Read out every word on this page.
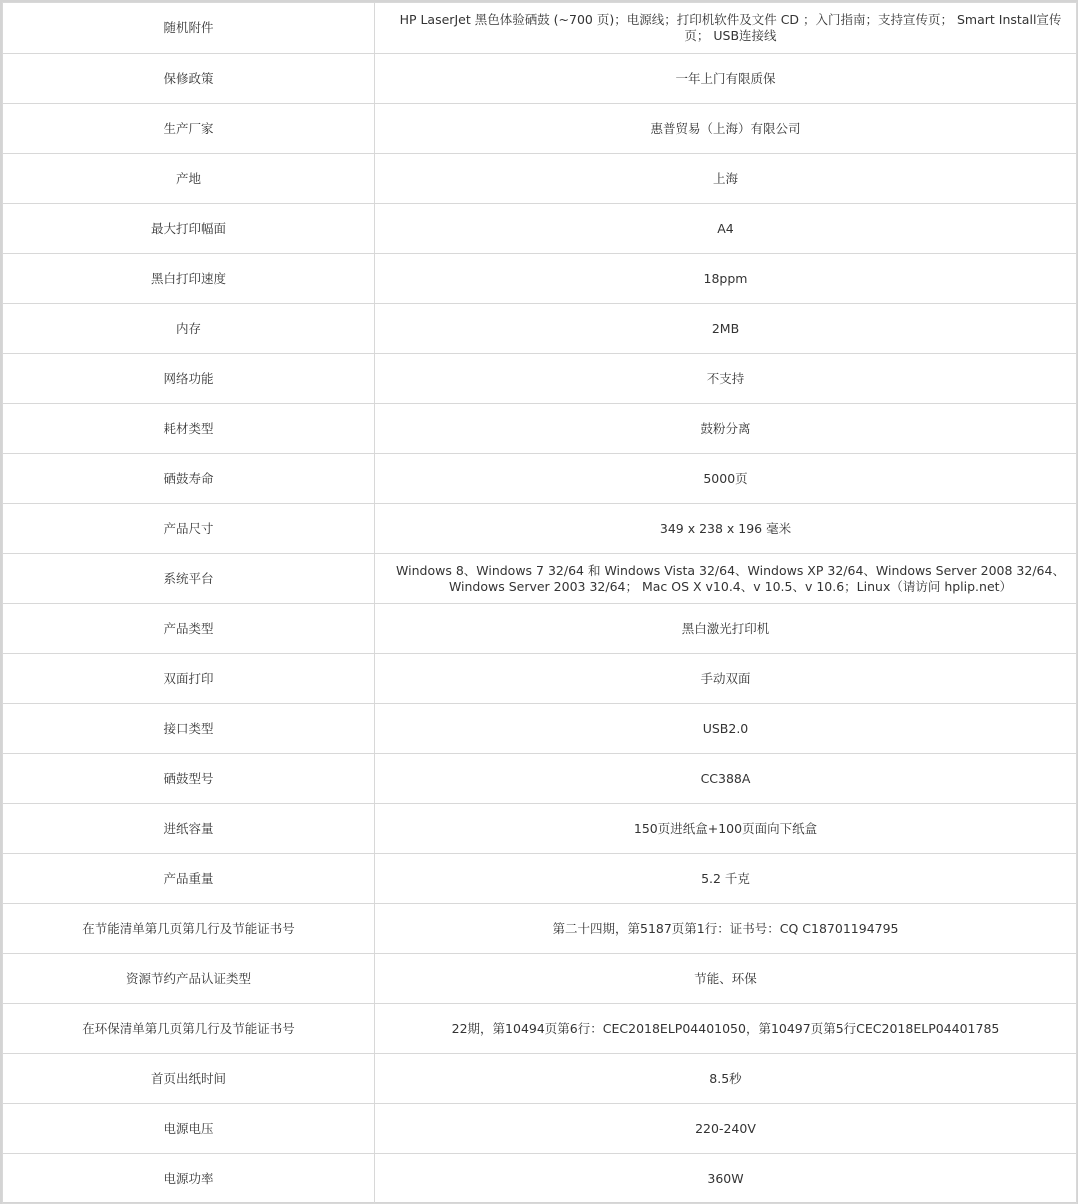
随机附件	HP LaserJet 黑色体验硒鼓 (~700 页)；电源线；打印机软件及文件 CD ；入门指南；支持宣传页； Smart Install宣传页； USB连接线
保修政策	一年上门有限质保
生产厂家	惠普贸易（上海）有限公司
产地	上海
最大打印幅面	A4
黑白打印速度	18ppm
内存	2MB
网络功能	不支持
耗材类型	鼓粉分离
硒鼓寿命	5000页
产品尺寸	349 x 238 x 196 毫米
系统平台	Windows 8、Windows 7 32/64 和 Windows Vista 32/64、Windows XP 32/64、Windows Server 2008 32/64、Windows Server 2003 32/64； Mac OS X v10.4、v 10.5、v 10.6；Linux（请访问 hplip.net）
产品类型	黑白激光打印机
双面打印	手动双面
接口类型	USB2.0
硒鼓型号	CC388A
进纸容量	150页进纸盒+100页面向下纸盒
产品重量	5.2 千克
在节能清单第几页第几行及节能证书号	第二十四期，第5187页第1行：证书号：CQ C18701194795
资源节约产品认证类型	节能、环保
在环保清单第几页第几行及节能证书号	22期，第10494页第6行：CEC2018ELP04401050，第10497页第5行CEC2018ELP04401785
首页出纸时间	8.5秒
电源电压	220-240V
电源功率	360W
